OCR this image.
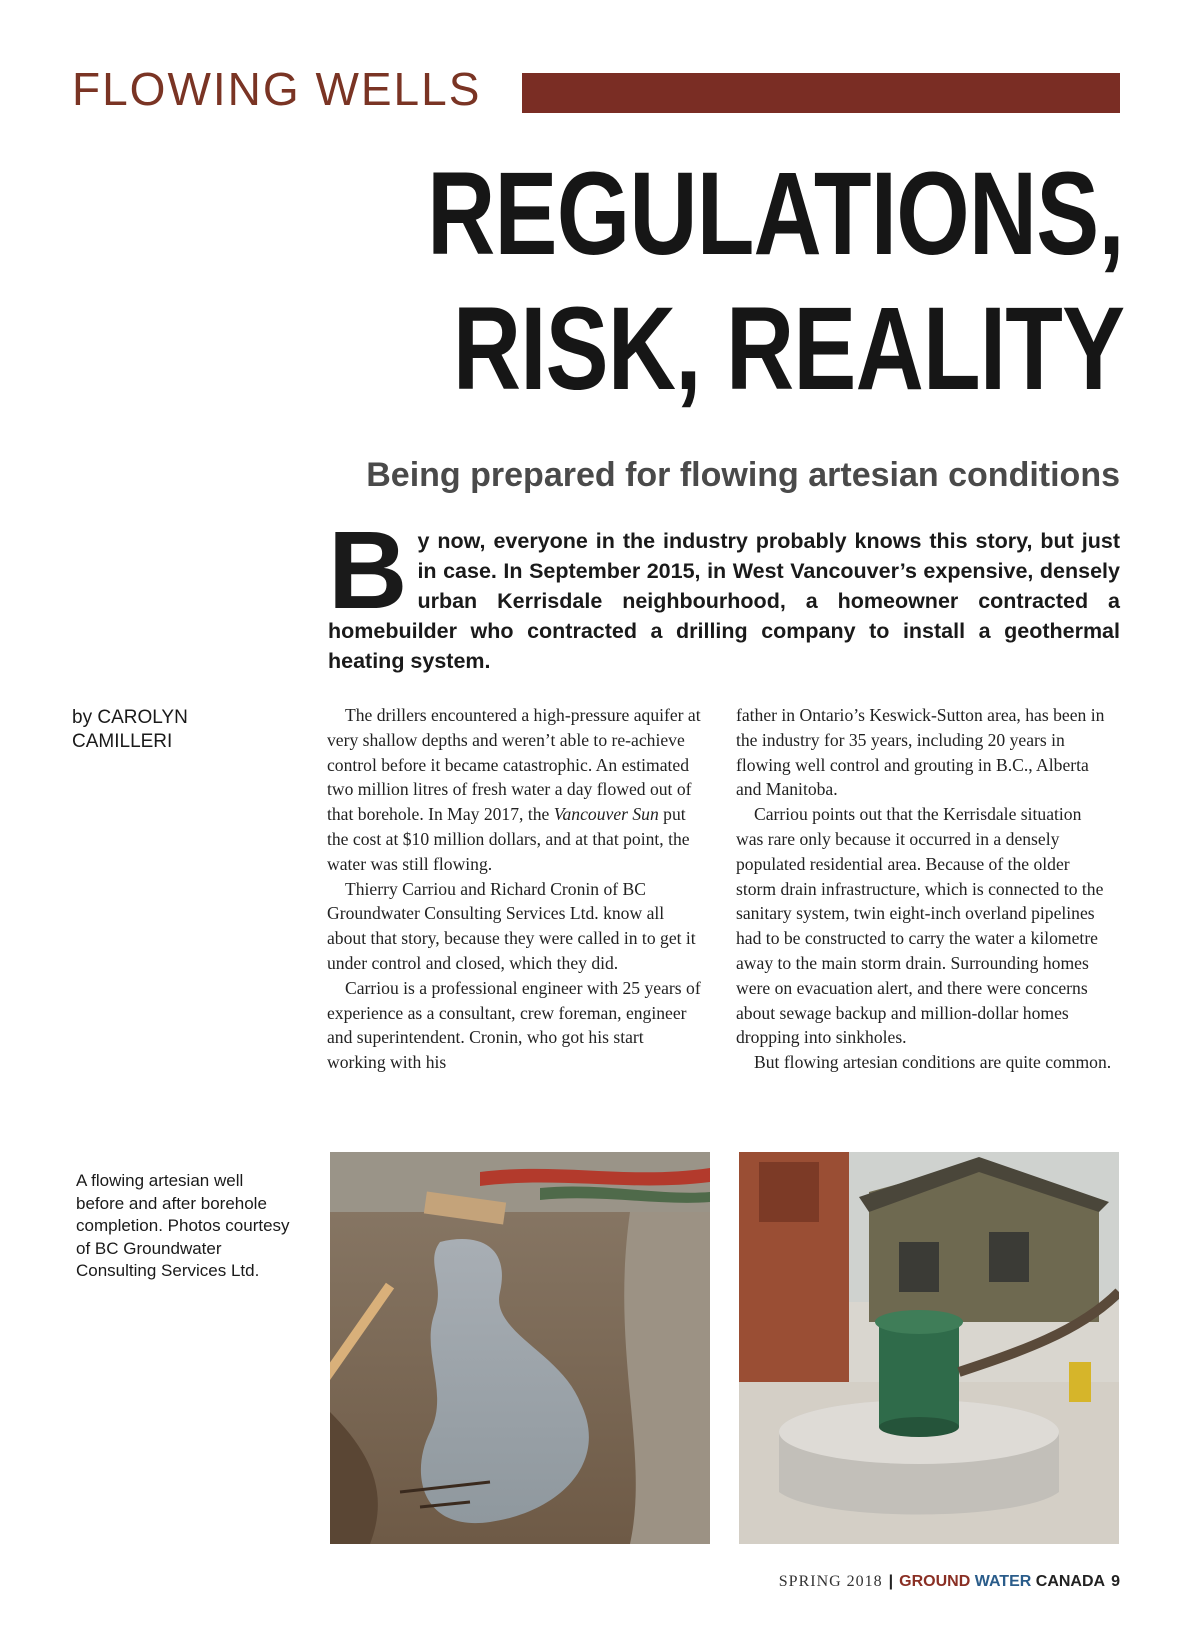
FLOWING WELLS
REGULATIONS,
RISK, REALITY
Being prepared for flowing artesian conditions

By now, everyone in the industry probably knows this story, but just in case. In September 2015, in West Vancouver’s expensive, densely urban Kerrisdale neighbourhood, a homeowner contracted a homebuilder who contracted a drilling company to install a geothermal heating system.

by CAROLYN
CAMILLERI

The drillers encountered a high-pressure aquifer at very shallow depths and weren’t able to re-achieve control before it became catastrophic. An estimated two million litres of fresh water a day flowed out of that borehole. In May 2017, the Vancouver Sun put the cost at $10 million dollars, and at that point, the water was still flowing.

Thierry Carriou and Richard Cronin of BC Groundwater Consulting Services Ltd. know all about that story, because they were called in to get it under control and closed, which they did.

Carriou is a professional engineer with 25 years of experience as a consultant, crew foreman, engineer and superintendent. Cronin, who got his start working with his

father in Ontario’s Keswick-Sutton area, has been in the industry for 35 years, including 20 years in flowing well control and grouting in B.C., Alberta and Manitoba.

Carriou points out that the Kerrisdale situation was rare only because it occurred in a densely populated residential area. Because of the older storm drain infrastructure, which is connected to the sanitary system, twin eight-inch overland pipelines had to be constructed to carry the water a kilometre away to the main storm drain. Surrounding homes were on evacuation alert, and there were concerns about sewage backup and million-dollar homes dropping into sinkholes.

But flowing artesian conditions are quite common.

A flowing artesian well before and after borehole completion. Photos courtesy of BC Groundwater Consulting Services Ltd.
SPRING 2018 | GROUND WATER CANADA 9
